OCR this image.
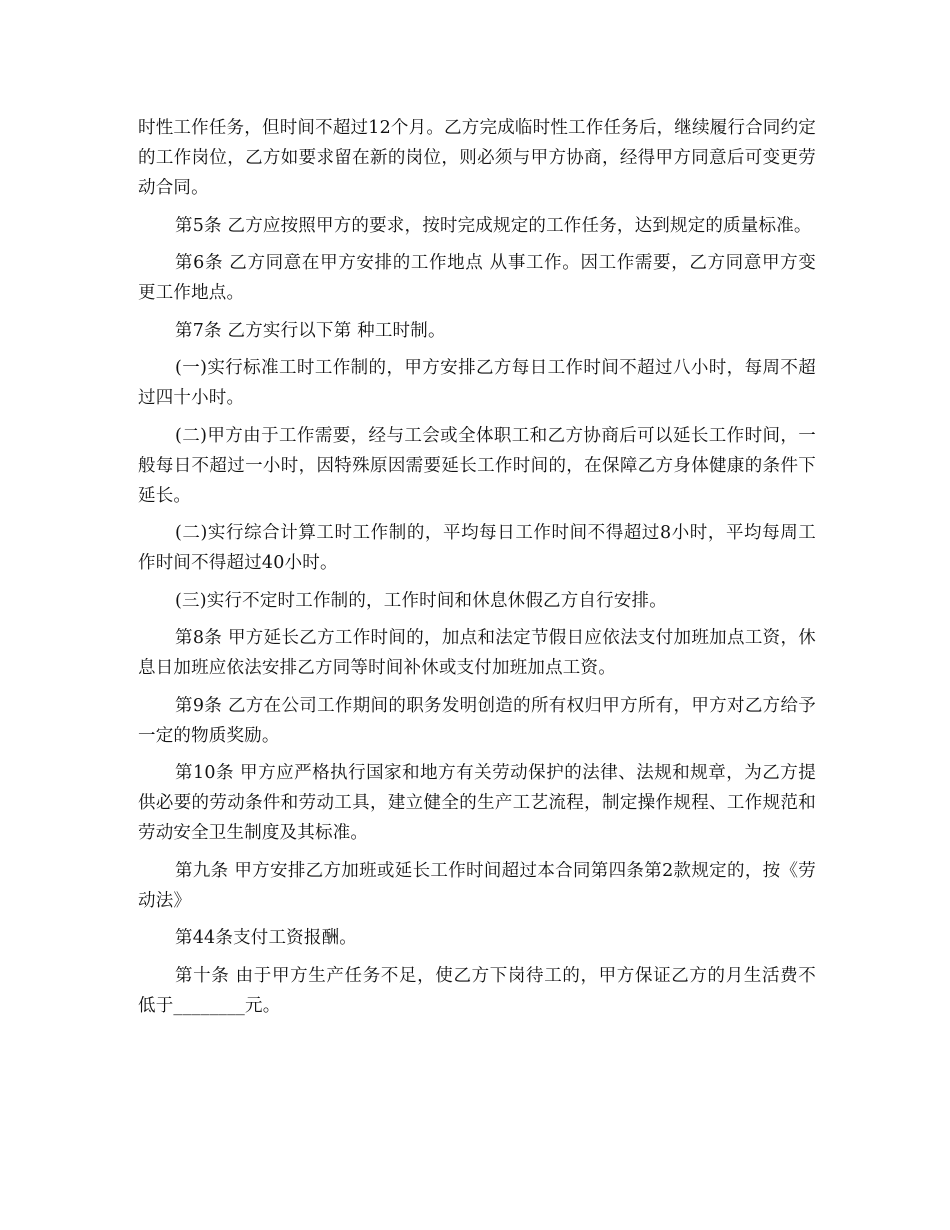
时性工作任务，但时间不超过12个月。乙方完成临时性工作任务后，继续履行合同约定的工作岗位，乙方如要求留在新的岗位，则必须与甲方协商，经得甲方同意后可变更劳动合同。

第5条 乙方应按照甲方的要求，按时完成规定的工作任务，达到规定的质量标准。

第6条 乙方同意在甲方安排的工作地点 从事工作。因工作需要，乙方同意甲方变更工作地点。

第7条 乙方实行以下第 种工时制。

(一)实行标准工时工作制的，甲方安排乙方每日工作时间不超过八小时，每周不超过四十小时。

(二)甲方由于工作需要，经与工会或全体职工和乙方协商后可以延长工作时间，一般每日不超过一小时，因特殊原因需要延长工作时间的，在保障乙方身体健康的条件下延长。

(二)实行综合计算工时工作制的，平均每日工作时间不得超过8小时，平均每周工作时间不得超过40小时。

(三)实行不定时工作制的，工作时间和休息休假乙方自行安排。

第8条 甲方延长乙方工作时间的，加点和法定节假日应依法支付加班加点工资，休息日加班应依法安排乙方同等时间补休或支付加班加点工资。

第9条 乙方在公司工作期间的职务发明创造的所有权归甲方所有，甲方对乙方给予一定的物质奖励。

第10条 甲方应严格执行国家和地方有关劳动保护的法律、法规和规章，为乙方提供必要的劳动条件和劳动工具，建立健全的生产工艺流程，制定操作规程、工作规范和劳动安全卫生制度及其标准。

第九条 甲方安排乙方加班或延长工作时间超过本合同第四条第2款规定的，按《劳动法》

第44条支付工资报酬。

第十条 由于甲方生产任务不足，使乙方下岗待工的，甲方保证乙方的月生活费不低于________元。
